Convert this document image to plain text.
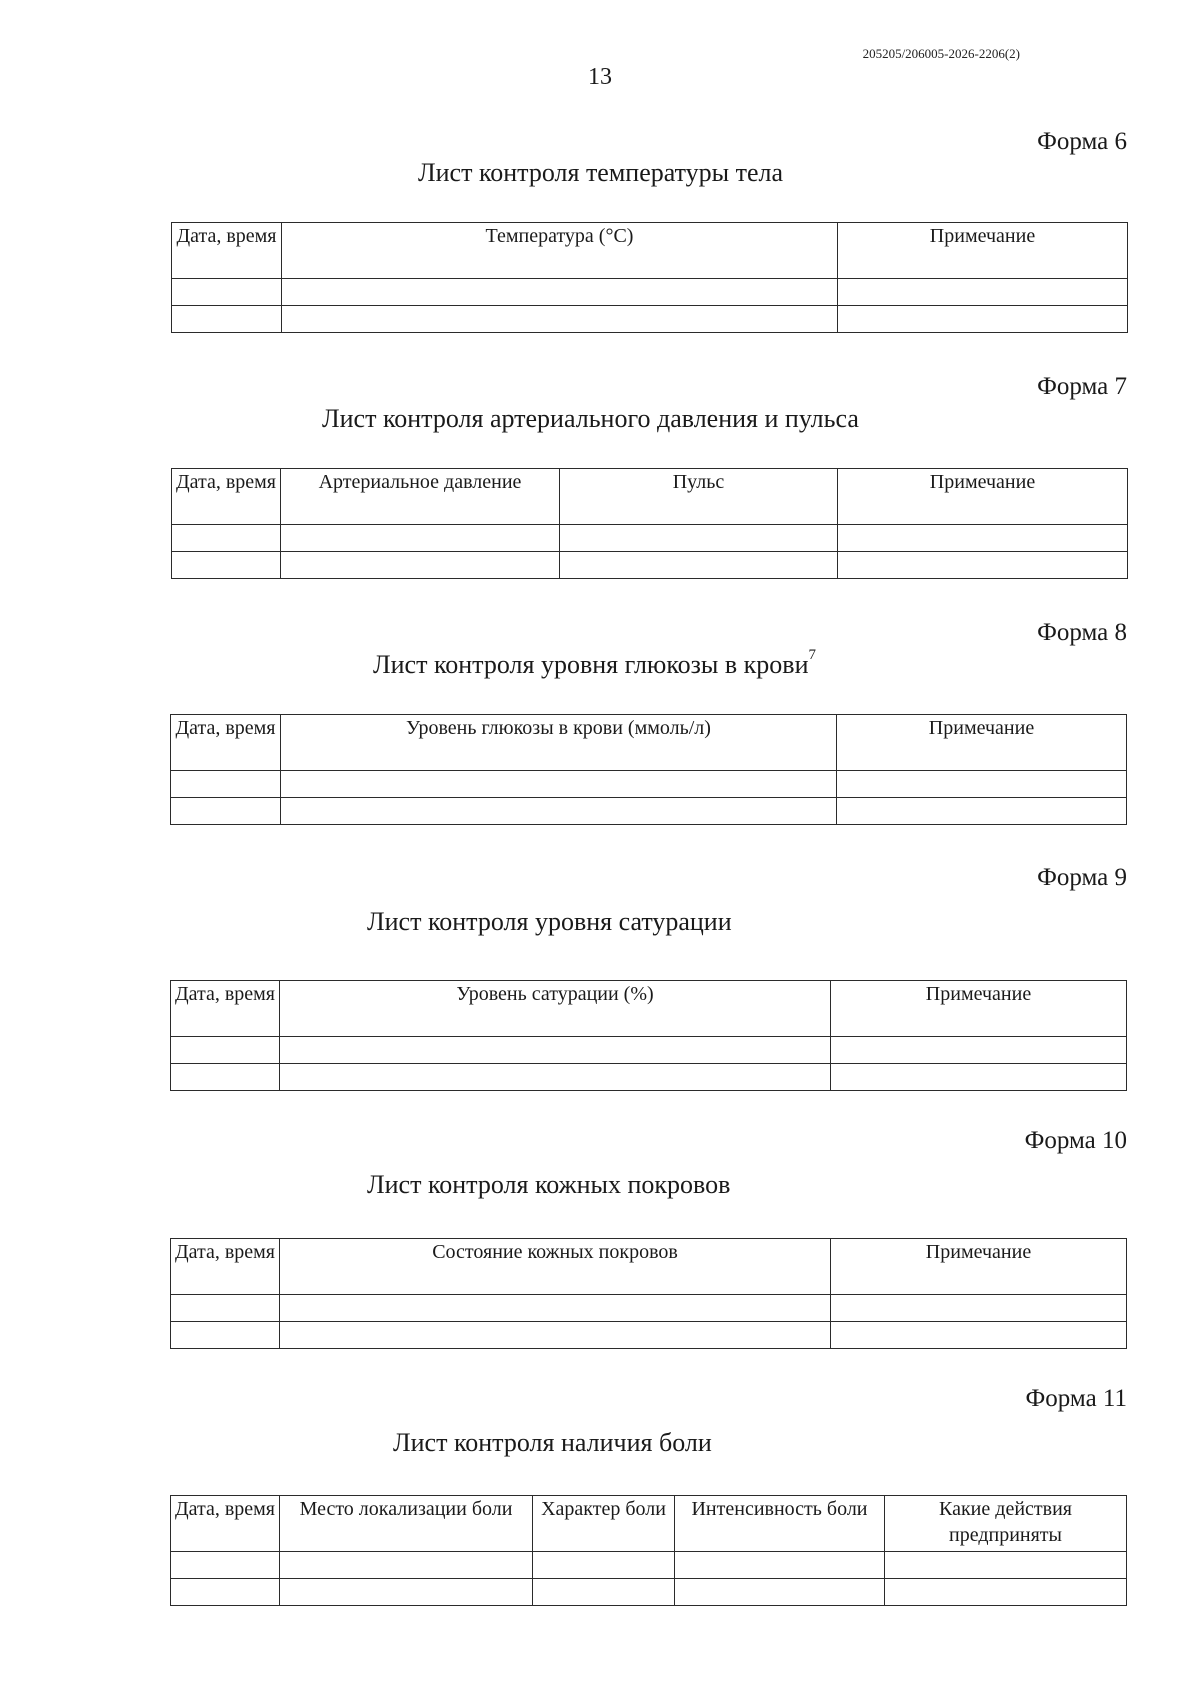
205205/206005-2026-2206(2)
13
Форма 6
Лист контроля температуры тела
Дата, время	Температура (°C)	Примечание

Форма 7
Лист контроля артериального давления и пульса
Дата, время	Артериальное давление	Пульс	Примечание

Форма 8
Лист контроля уровня глюкозы в крови$^7$
Дата, время	Уровень глюкозы в крови (ммоль/л)	Примечание

Форма 9
Лист контроля уровня сатурации
Дата, время	Уровень сатурации (%)	Примечание

Форма 10
Лист контроля кожных покровов
Дата, время	Состояние кожных покровов	Примечание

Форма 11
Лист контроля наличия боли
Дата, время	Место локализации боли	Характер боли	Интенсивность боли	Какие действия предприняты
